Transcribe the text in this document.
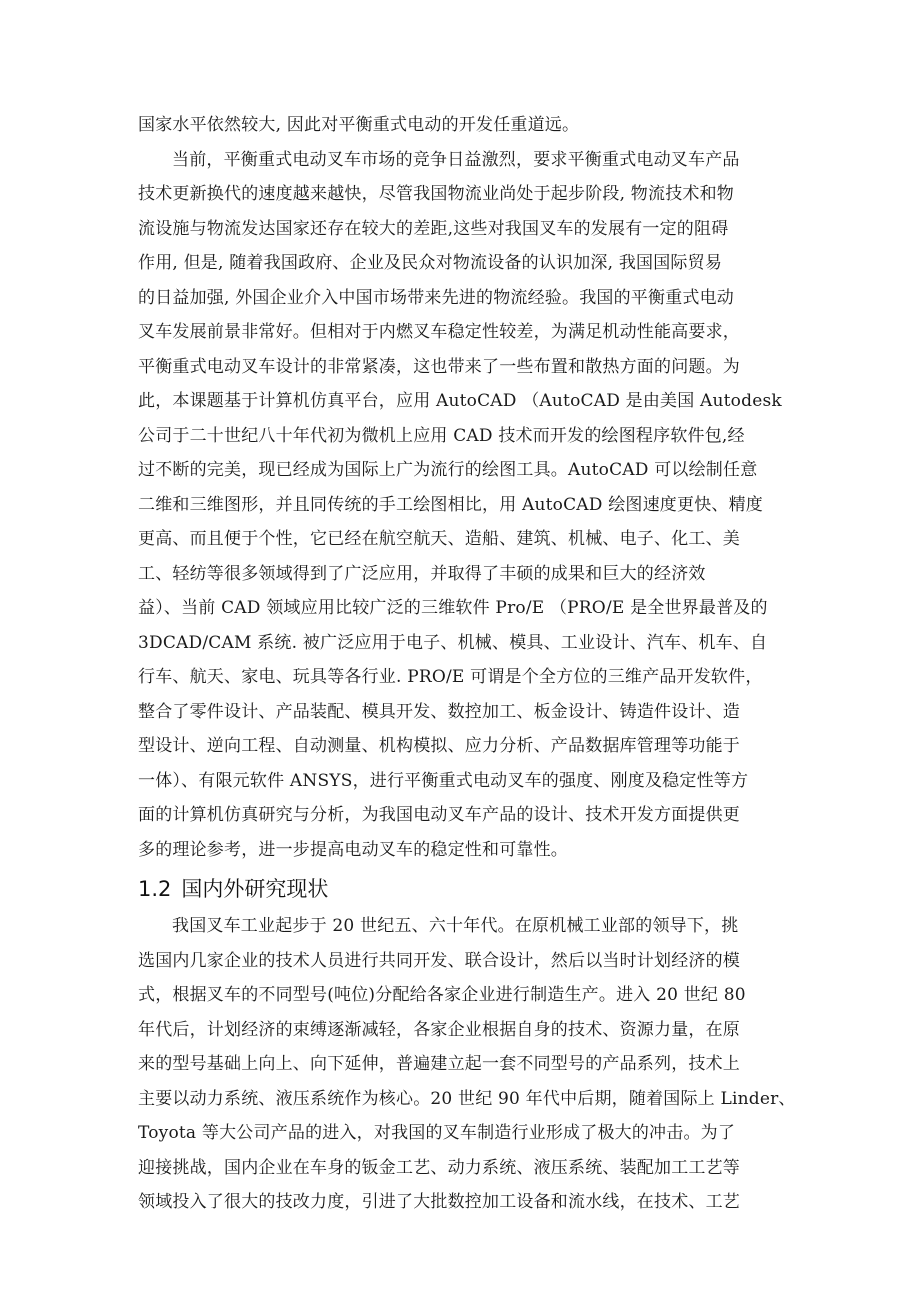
国家水平依然较大, 因此对平衡重式电动的开发任重道远。
当前，平衡重式电动叉车市场的竞争日益激烈，要求平衡重式电动叉车产品
技术更新换代的速度越来越快，尽管我国物流业尚处于起步阶段, 物流技术和物
流设施与物流发达国家还存在较大的差距,这些对我国叉车的发展有一定的阻碍
作用, 但是, 随着我国政府、企业及民众对物流设备的认识加深, 我国国际贸易
的日益加强, 外国企业介入中国市场带来先进的物流经验。我国的平衡重式电动
叉车发展前景非常好。但相对于内燃叉车稳定性较差，为满足机动性能高要求，
平衡重式电动叉车设计的非常紧凑，这也带来了一些布置和散热方面的问题。为
此，本课题基于计算机仿真平台，应用 AutoCAD （AutoCAD 是由美国 Autodesk
公司于二十世纪八十年代初为微机上应用 CAD 技术而开发的绘图程序软件包,经
过不断的完美，现已经成为国际上广为流行的绘图工具。AutoCAD 可以绘制任意
二维和三维图形，并且同传统的手工绘图相比，用 AutoCAD 绘图速度更快、精度
更高、而且便于个性，它已经在航空航天、造船、建筑、机械、电子、化工、美
工、轻纺等很多领域得到了广泛应用，并取得了丰硕的成果和巨大的经济效
益）、当前 CAD 领域应用比较广泛的三维软件 Pro/E （PRO/E 是全世界最普及的
3DCAD/CAM 系统. 被广泛应用于电子、机械、模具、工业设计、汽车、机车、自
行车、航天、家电、玩具等各行业. PRO/E 可谓是个全方位的三维产品开发软件，
整合了零件设计、产品装配、模具开发、数控加工、板金设计、铸造件设计、造
型设计、逆向工程、自动测量、机构模拟、应力分析、产品数据库管理等功能于
一体）、有限元软件 ANSYS，进行平衡重式电动叉车的强度、刚度及稳定性等方
面的计算机仿真研究与分析，为我国电动叉车产品的设计、技术开发方面提供更
多的理论参考，进一步提高电动叉车的稳定性和可靠性。
1.2 国内外研究现状
我国叉车工业起步于 20 世纪五、六十年代。在原机械工业部的领导下，挑
选国内几家企业的技术人员进行共同开发、联合设计，然后以当时计划经济的模
式，根据叉车的不同型号(吨位)分配给各家企业进行制造生产。进入 20 世纪 80
年代后，计划经济的束缚逐渐减轻，各家企业根据自身的技术、资源力量，在原
来的型号基础上向上、向下延伸，普遍建立起一套不同型号的产品系列，技术上
主要以动力系统、液压系统作为核心。20 世纪 90 年代中后期，随着国际上 Linder、
Toyota 等大公司产品的进入，对我国的叉车制造行业形成了极大的冲击。为了
迎接挑战，国内企业在车身的钣金工艺、动力系统、液压系统、装配加工工艺等
领域投入了很大的技改力度，引进了大批数控加工设备和流水线，在技术、工艺
